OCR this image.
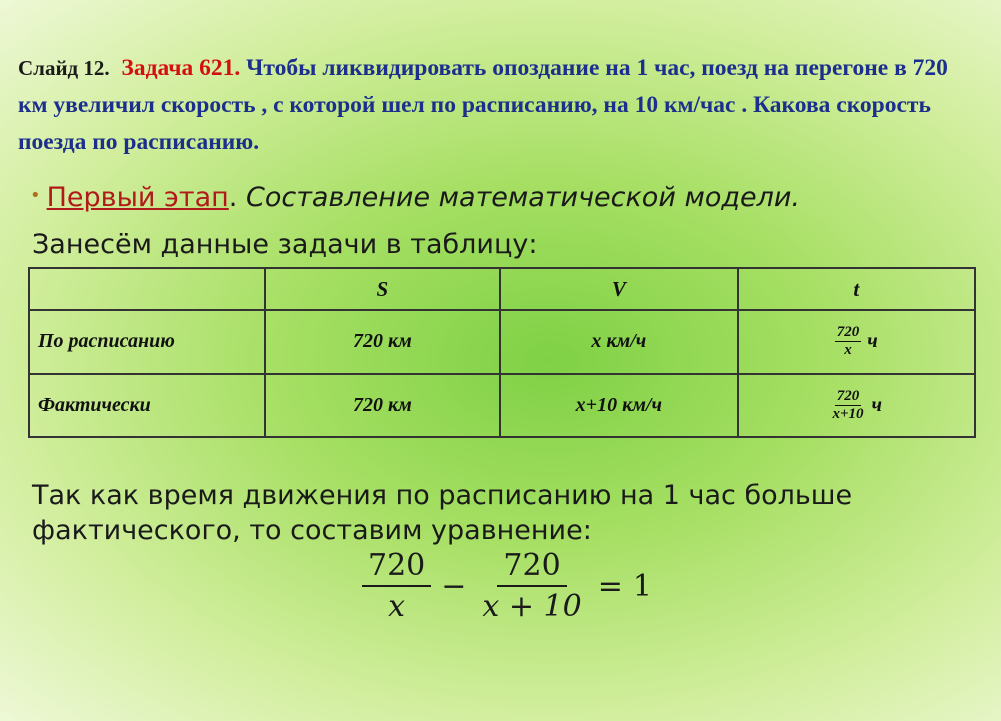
Слайд 12. Задача 621. Чтобы ликвидировать опоздание на 1 час, поезд на перегоне в 720 км увеличил скорость , с которой шел по расписанию, на 10 км/час . Какова скорость поезда по расписанию.
• Первый этап. Составление математической модели.
Занесём данные задачи в таблицу:
	S	V	t
По расписанию	720 км	х км/ч	$\frac{720}{х}$ ч
Фактически	720 км	х+10 км/ч	$\frac{720}{х+10}$ ч
Так как время движения по расписанию на 1 час больше фактического, то составим уравнение:
$\frac{720}{x} - \frac{720}{x + 10} = 1$
